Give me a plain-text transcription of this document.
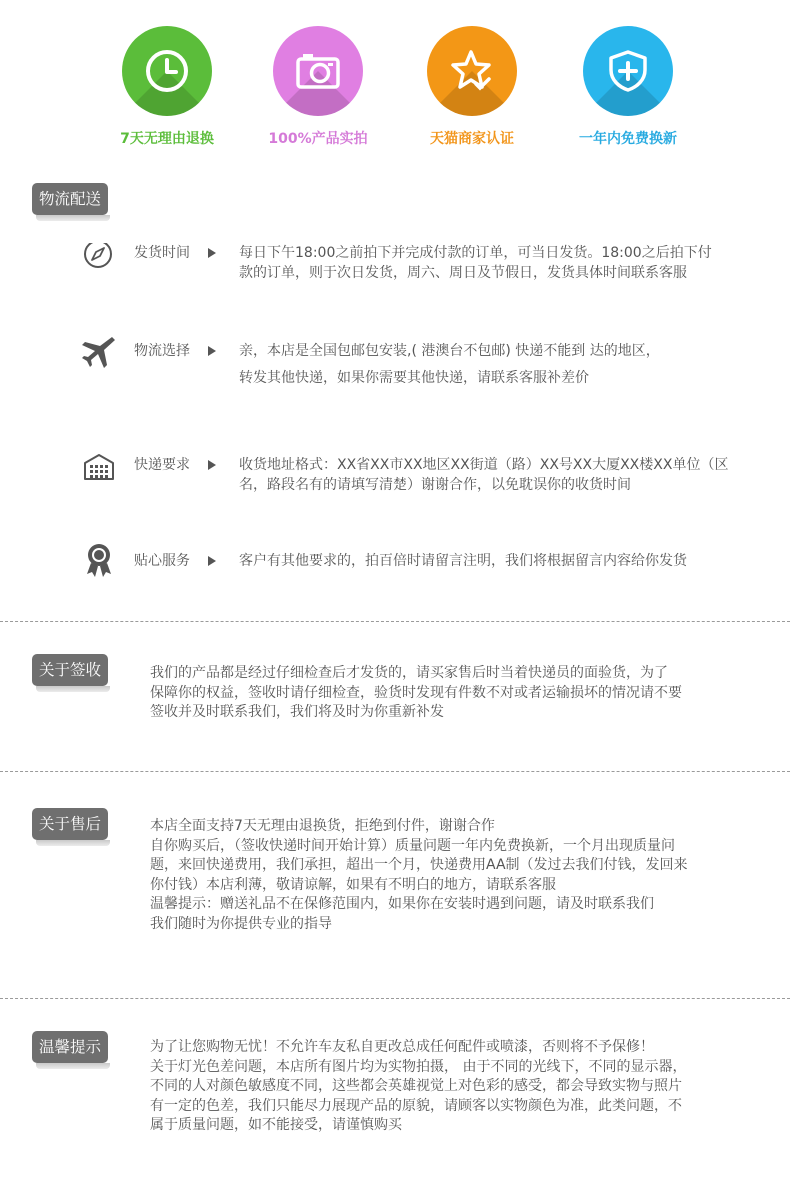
7天无理由退换	100%产品实拍	天猫商家认证	一年内免费换新
物流配送
发货时间	每日下午18:00之前拍下并完成付款的订单，可当日发货。18:00之后拍下付
款的订单，则于次日发货，周六、周日及节假日，发货具体时间联系客服
物流选择	亲，本店是全国包邮包安装,( 港澳台不包邮) 快递不能到 达的地区，
转发其他快递，如果你需要其他快递，请联系客服补差价
快递要求	收货地址格式：XX省XX市XX地区XX街道（路）XX号XX大厦XX楼XX单位（区
名，路段名有的请填写清楚）谢谢合作，以免耽误你的收货时间
贴心服务	客户有其他要求的，拍百倍时请留言注明，我们将根据留言内容给你发货
关于签收	我们的产品都是经过仔细检查后才发货的，请买家售后时当着快递员的面验货，为了
保障你的权益，签收时请仔细检查，验货时发现有件数不对或者运输损坏的情况请不要
签收并及时联系我们，我们将及时为你重新补发
关于售后	本店全面支持7天无理由退换货，拒绝到付件，谢谢合作
自你购买后，（签收快递时间开始计算）质量问题一年内免费换新，一个月出现质量问
题，来回快递费用，我们承担，超出一个月，快递费用AA制（发过去我们付钱，发回来
你付钱）本店利薄，敬请谅解，如果有不明白的地方，请联系客服
温馨提示：赠送礼品不在保修范围内，如果你在安装时遇到问题，请及时联系我们
我们随时为你提供专业的指导
温馨提示	为了让您购物无忧！不允许车友私自更改总成任何配件或喷漆，否则将不予保修！
关于灯光色差问题，本店所有图片均为实物拍摄， 由于不同的光线下，不同的显示器，
不同的人对颜色敏感度不同，这些都会英雄视觉上对色彩的感受，都会导致实物与照片
有一定的色差，我们只能尽力展现产品的原貌，请顾客以实物颜色为准，此类问题，不
属于质量问题，如不能接受，请谨慎购买
